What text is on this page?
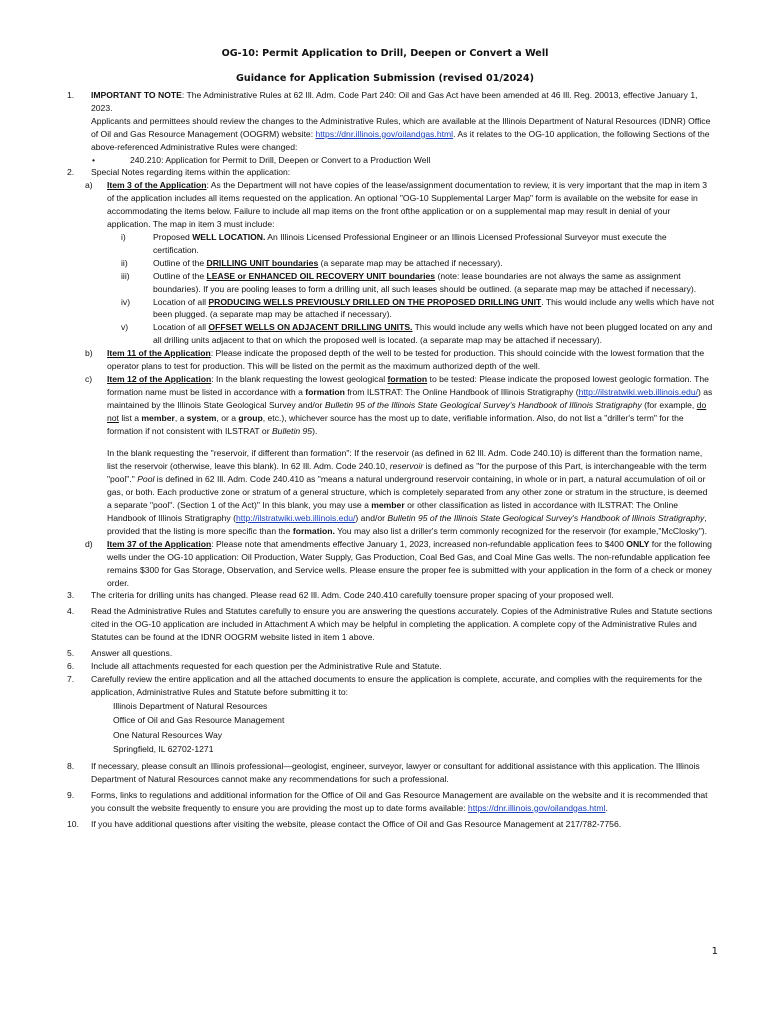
OG-10: Permit Application to Drill, Deepen or Convert a Well
Guidance for Application Submission (revised 01/2024)
1. IMPORTANT TO NOTE: The Administrative Rules at 62 Ill. Adm. Code Part 240: Oil and Gas Act have been amended at 46 Ill. Reg. 20013, effective January 1, 2023.
Applicants and permittees should review the changes to the Administrative Rules, which are available at the Illinois Department of Natural Resources (IDNR) Office of Oil and Gas Resource Management (OOGRM) website: https://dnr.illinois.gov/oilandgas.html. As it relates to the OG-10 application, the following Sections of the above-referenced Administrative Rules were changed:
•	240.210: Application for Permit to Drill, Deepen or Convert to a Production Well
2. Special Notes regarding items within the application:
a) Item 3 of the Application: As the Department will not have copies of the lease/assignment documentation to review, it is very important that the map in item 3 of the application includes all items requested on the application. An optional "OG-10 Supplemental Larger Map" form is available on the website for ease in accommodating the items below. Failure to include all map items on the front ofthe application or on a supplemental map may result in denial of your application. The map in item 3 must include:
i)	Proposed WELL LOCATION. An Illinois Licensed Professional Engineer or an Illinois Licensed Professional Surveyor must execute the certification.
ii)	Outline of the DRILLING UNIT boundaries (a separate map may be attached if necessary).
iii)	Outline of the LEASE or ENHANCED OIL RECOVERY UNIT boundaries (note: lease boundaries are not always the same as assignment boundaries). If you are pooling leases to form a drilling unit, all such leases should be outlined. (a separate map may be attached if necessary).
iv)	Location of all PRODUCING WELLS PREVIOUSLY DRILLED ON THE PROPOSED DRILLING UNIT. This would include any wells which have not been plugged. (a separate map may be attached if necessary).
v)	Location of all OFFSET WELLS ON ADJACENT DRILLING UNITS. This would include any wells which have not been plugged located on any and all drilling units adjacent to that on which the proposed well is located. (a separate map may be attached if necessary).
b) Item 11 of the Application: Please indicate the proposed depth of the well to be tested for production. This should coincide with the lowest formation that the operator plans to test for production. This will be listed on the permit as the maximum authorized depth of the well.
c) Item 12 of the Application: In the blank requesting the lowest geological formation to be tested: Please indicate the proposed lowest geologic formation. The formation name must be listed in accordance with a formation from ILSTRAT: The Online Handbook of Illinois Stratigraphy (http://ilstratwiki.web.illinois.edu/) as maintained by the Illinois State Geological Survey and/or Bulletin 95 of the Illinois State Geological Survey's Handbook of Illinois Stratigraphy (for example, do not list a member, a system, or a group, etc.), whichever source has the most up to date, verifiable information. Also, do not list a "driller's term" for the formation if not consistent with ILSTRAT or Bulletin 95).
In the blank requesting the "reservoir, if different than formation": If the reservoir (as defined in 62 Ill. Adm. Code 240.10) is different than the formation name, list the reservoir (otherwise, leave this blank). In 62 Ill. Adm. Code 240.10, reservoir is defined as "for the purpose of this Part, is interchangeable with the term "pool"." Pool is defined in 62 Ill. Adm. Code 240.410 as "means a natural underground reservoir containing, in whole or in part, a natural accumulation of oil or gas, or both. Each productive zone or stratum of a general structure, which is completely separated from any other zone or stratum in the structure, is deemed a separate "pool". (Section 1 of the Act)" In this blank, you may use a member or other classification as listed in accordance with ILSTRAT: The Online Handbook of Illinois Stratigraphy (http://ilstratwiki.web.illinois.edu/) and/or Bulletin 95 of the Illinois State Geological Survey's Handbook of Illinois Stratigraphy, provided that the listing is more specific than the formation. You may also list a driller's term commonly recognized for the reservoir (for example,"McClosky").
d) Item 37 of the Application: Please note that amendments effective January 1, 2023, increased non-refundable application fees to $400 ONLY for the following wells under the OG-10 application: Oil Production, Water Supply, Gas Production, Coal Bed Gas, and Coal Mine Gas wells. The non-refundable application fee remains $300 for Gas Storage, Observation, and Service wells. Please ensure the proper fee is submitted with your application in the form of a check or money order.
3. The criteria for drilling units has changed. Please read 62 Ill. Adm. Code 240.410 carefully toensure proper spacing of your proposed well.
4. Read the Administrative Rules and Statutes carefully to ensure you are answering the questions accurately. Copies of the Administrative Rules and Statute sections cited in the OG-10 application are included in Attachment A which may be helpful in completing the application. A complete copy of the Administrative Rules and Statutes can be found at the IDNR OOGRM website listed in item 1 above.
5. Answer all questions.
6. Include all attachments requested for each question per the Administrative Rule and Statute.
7. Carefully review the entire application and all the attached documents to ensure the application is complete, accurate, and complies with the requirements for the application, Administrative Rules and Statute before submitting it to:
Illinois Department of Natural Resources
Office of Oil and Gas Resource Management
One Natural Resources Way
Springfield, IL 62702-1271
8. If necessary, please consult an Illinois professional—geologist, engineer, surveyor, lawyer or consultant for additional assistance with this application. The Illinois Department of Natural Resources cannot make any recommendations for such a professional.
9. Forms, links to regulations and additional information for the Office of Oil and Gas Resource Management are available on the website and it is recommended that you consult the website frequently to ensure you are providing the most up to date forms available: https://dnr.illinois.gov/oilandgas.html.
10. If you have additional questions after visiting the website, please contact the Office of Oil and Gas Resource Management at 217/782-7756.
1
